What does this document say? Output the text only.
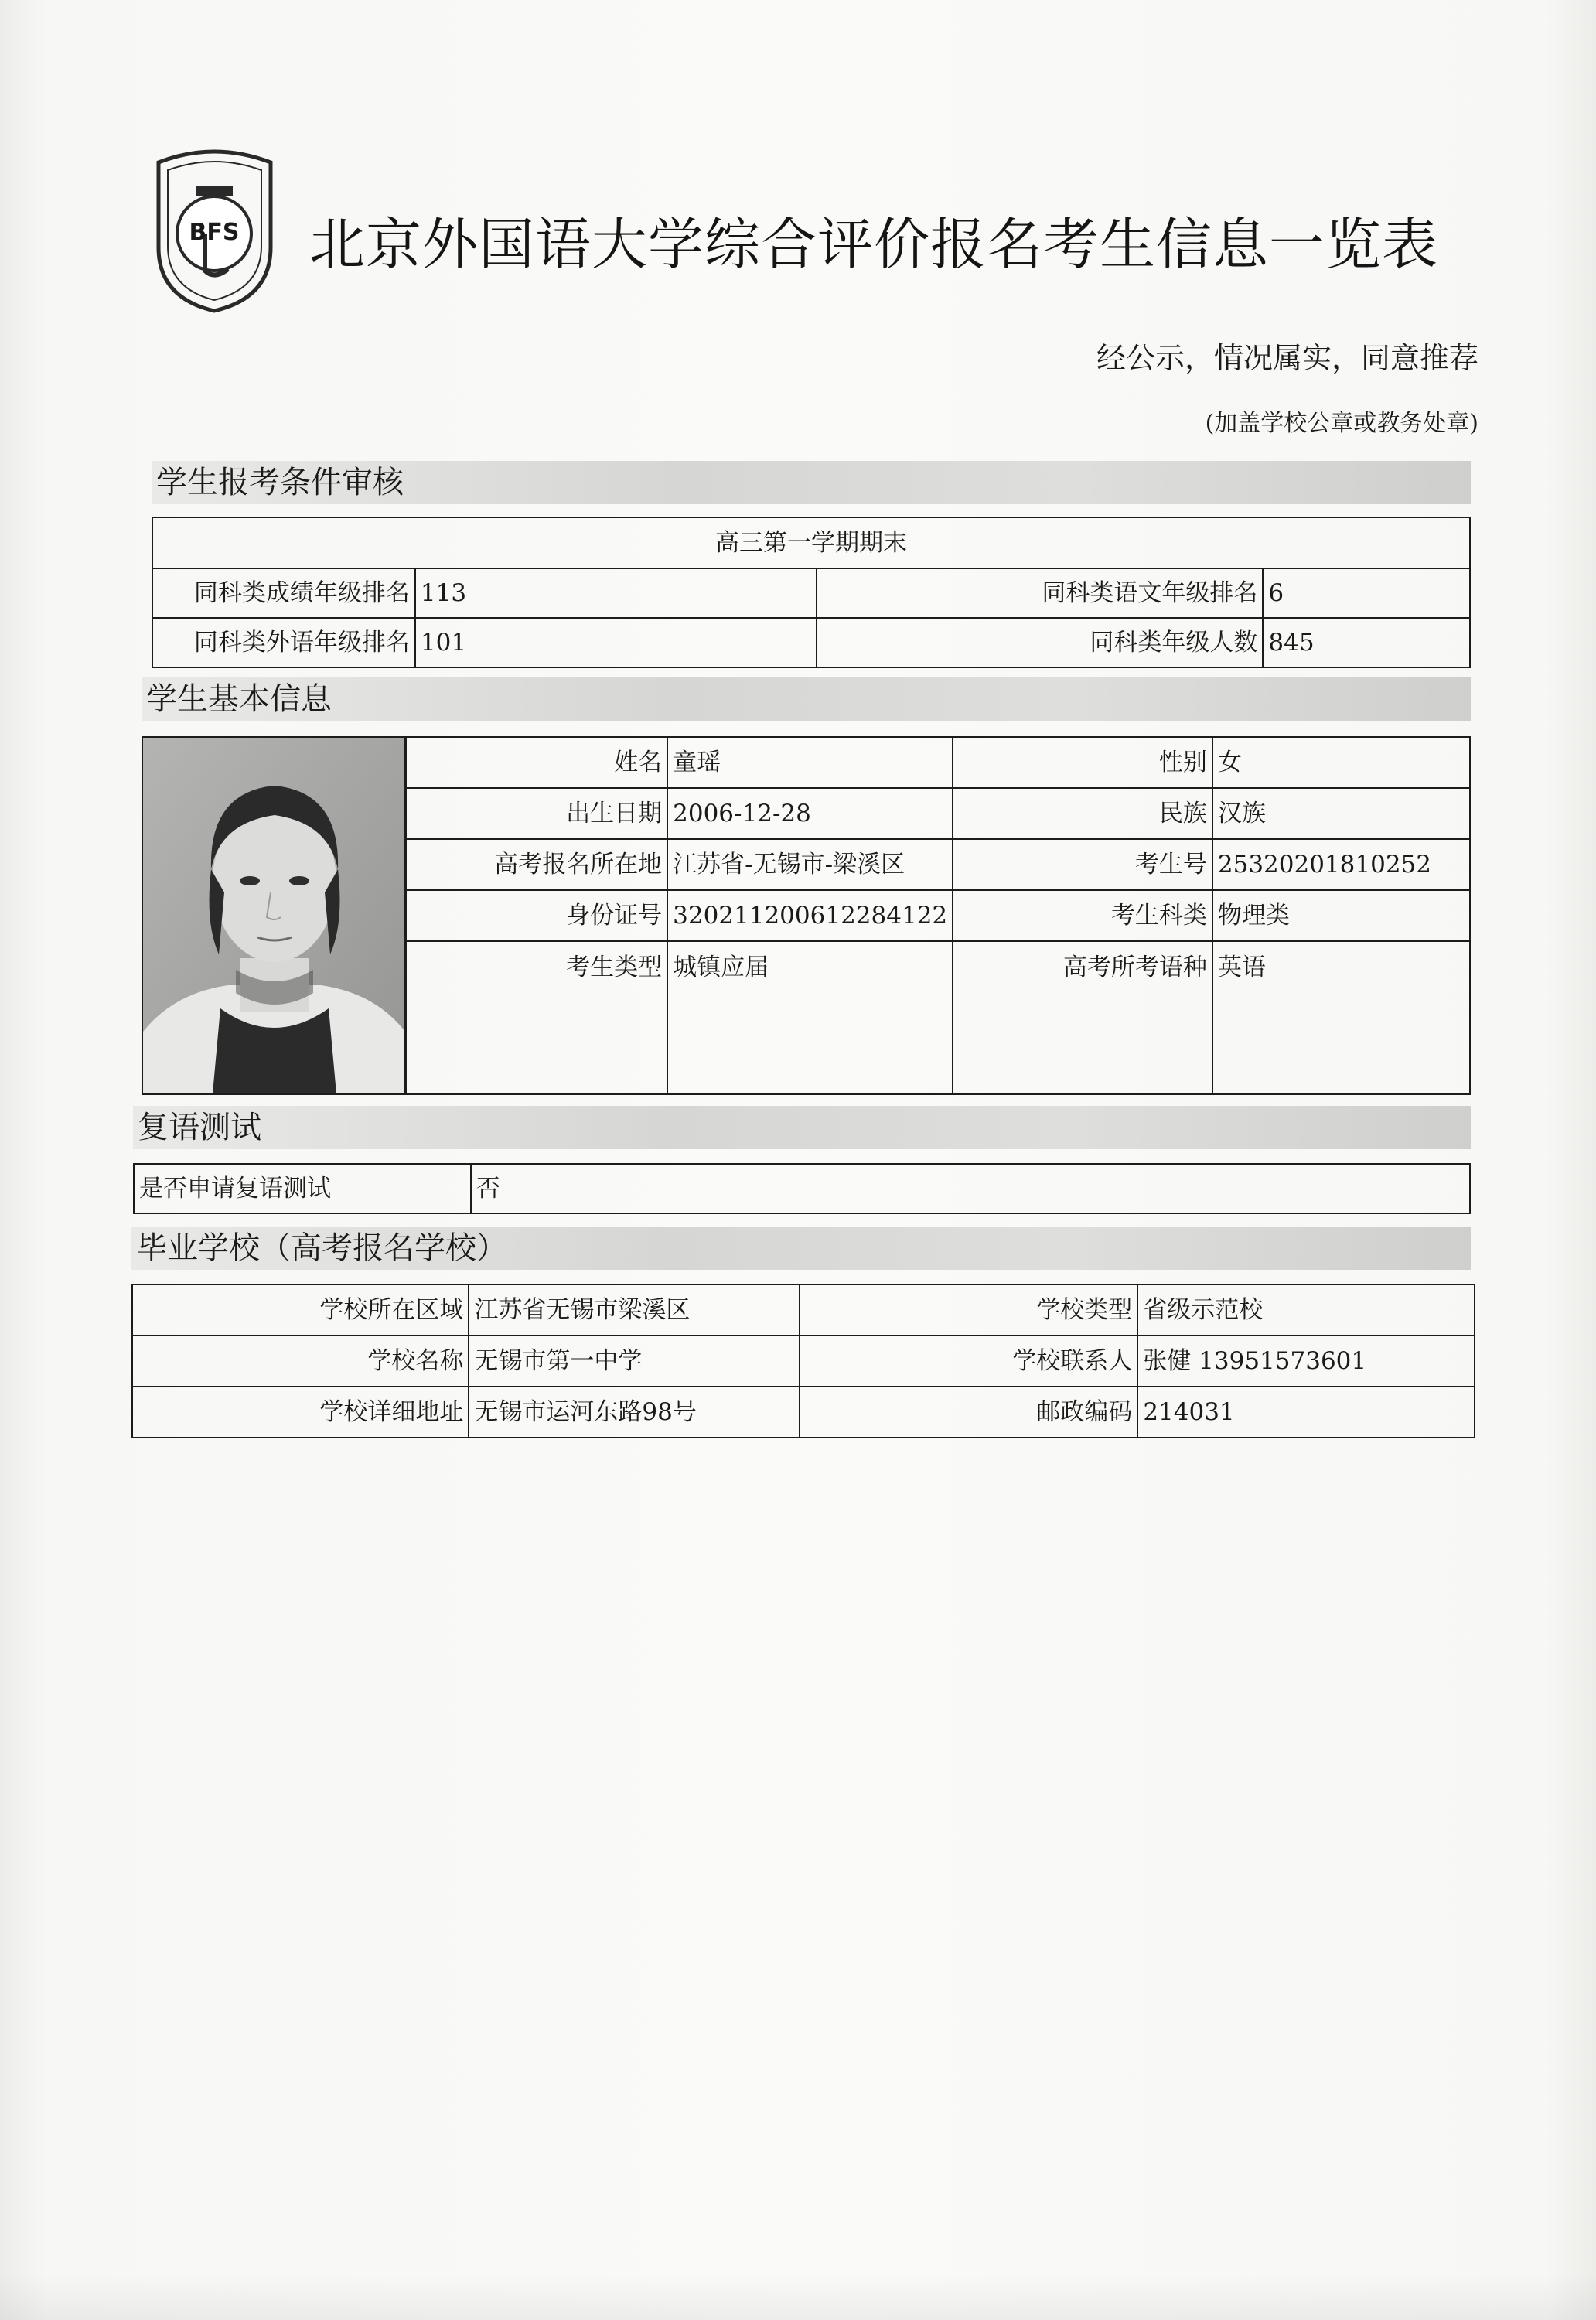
BFS 北京外国语大学综合评价报名考生信息一览表
经公示，情况属实，同意推荐
(加盖学校公章或教务处章)
学生报考条件审核
高三第一学期期末			
同科类成绩年级排名	113	同科类语文年级排名	6
同科类外语年级排名	101	同科类年级人数	845
学生基本信息
姓名	童瑶	性别	女
出生日期	2006-12-28	民族	汉族
高考报名所在地	江苏省-无锡市-梁溪区	考生号	25320201810252
身份证号	320211200612284122	考生科类	物理类
考生类型	城镇应届	高考所考语种	英语
复语测试
是否申请复语测试	否
毕业学校（高考报名学校）
学校所在区域	江苏省无锡市梁溪区	学校类型	省级示范校
学校名称	无锡市第一中学	学校联系人	张健 13951573601
学校详细地址	无锡市运河东路98号	邮政编码	214031
